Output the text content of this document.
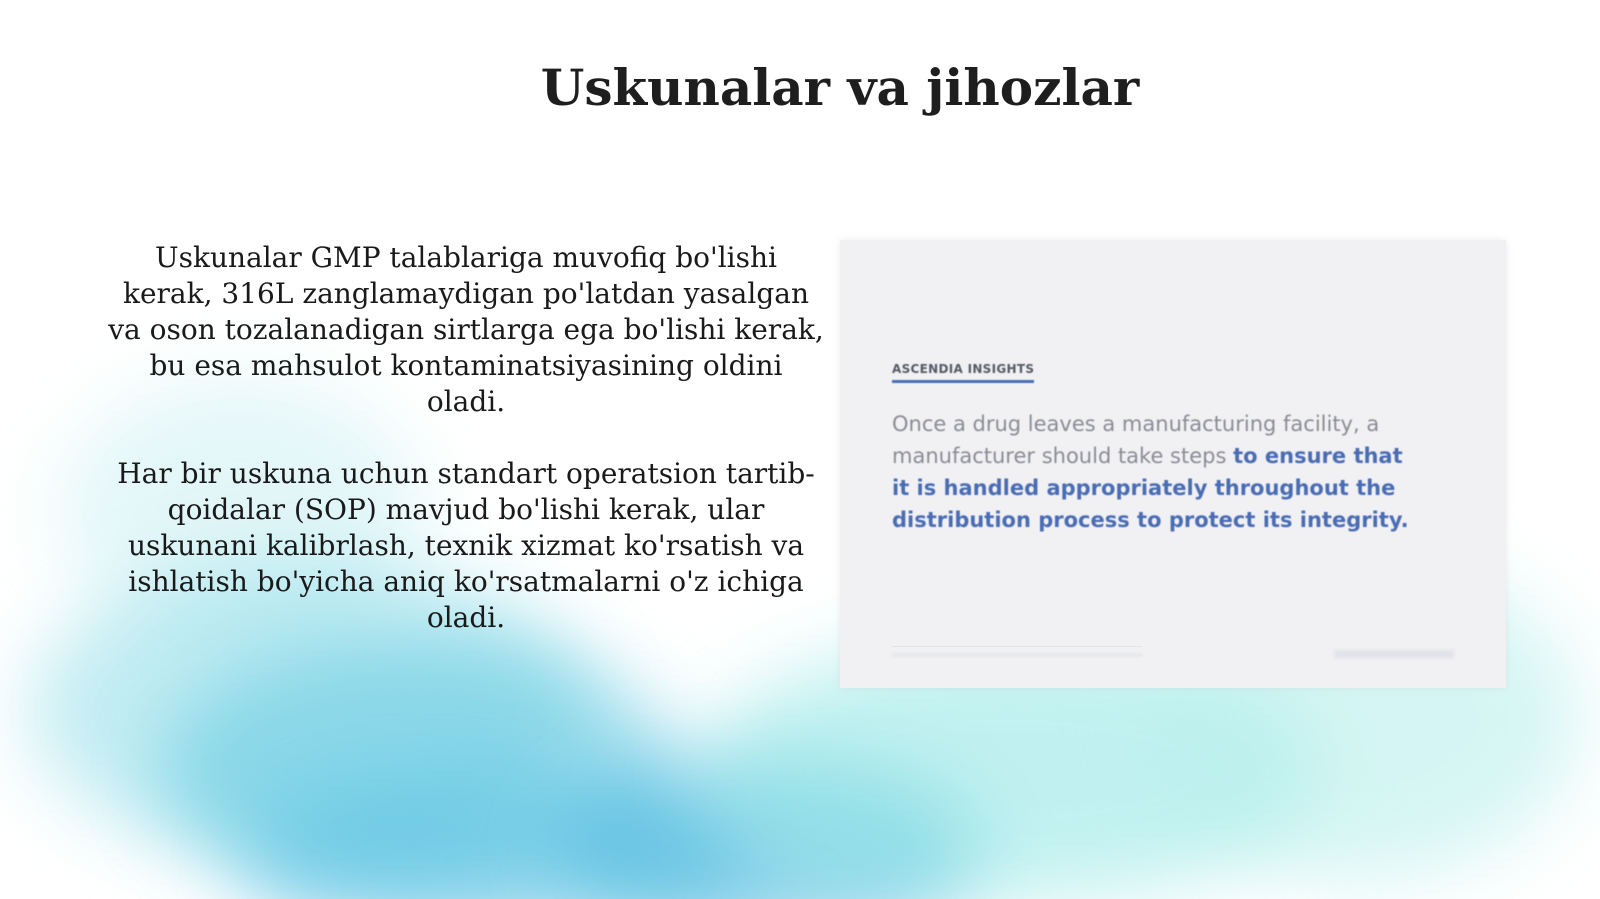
Uskunalar va jihozlar

Uskunalar GMP talablariga muvofiq bo'lishi kerak, 316L zanglamaydigan po'latdan yasalgan va oson tozalanadigan sirtlarga ega bo'lishi kerak, bu esa mahsulot kontaminatsiyasining oldini oladi.

Har bir uskuna uchun standart operatsion tartib-qoidalar (SOP) mavjud bo'lishi kerak, ular uskunani kalibrlash, texnik xizmat ko'rsatish va ishlatish bo'yicha aniq ko'rsatmalarni o'z ichiga oladi.

ASCENDIA INSIGHTS
Once a drug leaves a manufacturing facility, a manufacturer should take steps to ensure that it is handled appropriately throughout the distribution process to protect its integrity.
